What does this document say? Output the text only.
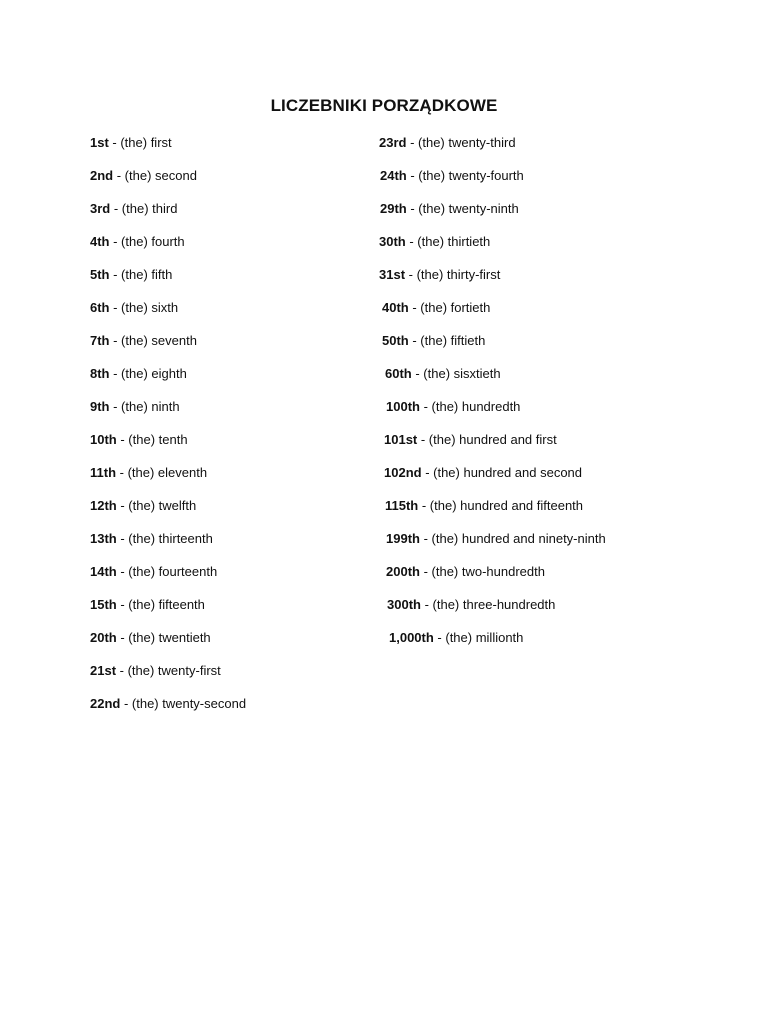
LICZEBNIKI PORZĄDKOWE
1st - (the) first
2nd - (the) second
3rd - (the) third
4th - (the) fourth
5th - (the) fifth
6th - (the) sixth
7th - (the) seventh
8th - (the) eighth
9th - (the) ninth
10th - (the) tenth
11th - (the) eleventh
12th - (the) twelfth
13th - (the) thirteenth
14th - (the) fourteenth
15th - (the) fifteenth
20th - (the) twentieth
21st - (the) twenty-first
22nd - (the) twenty-second
23rd - (the) twenty-third
24th - (the) twenty-fourth
29th - (the) twenty-ninth
30th - (the) thirtieth
31st - (the) thirty-first
40th - (the) fortieth
50th - (the) fiftieth
60th - (the) sisxtieth
100th - (the) hundredth
101st - (the) hundred and first
102nd - (the) hundred and second
115th - (the) hundred and fifteenth
199th - (the) hundred and ninety-ninth
200th - (the) two-hundredth
300th - (the) three-hundredth
1,000th - (the) millionth
